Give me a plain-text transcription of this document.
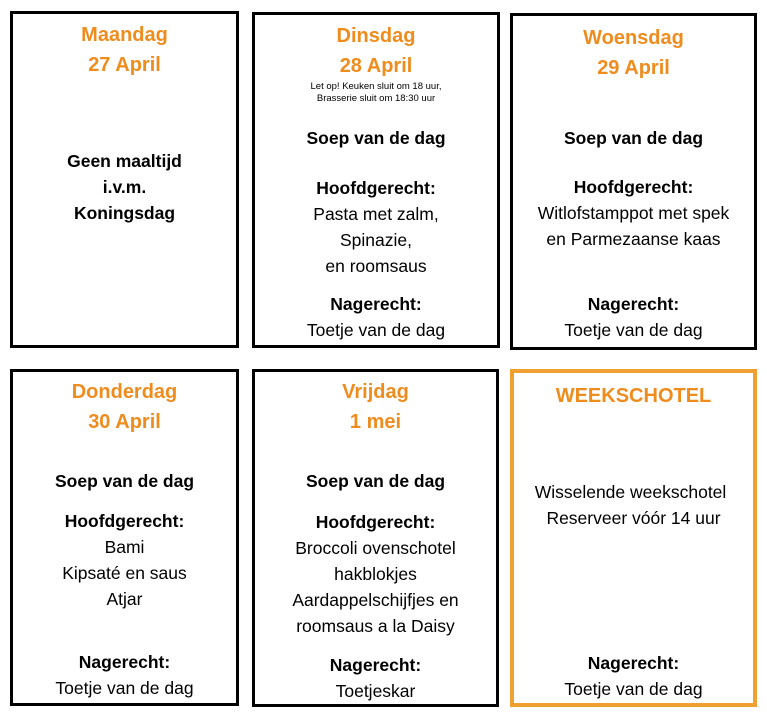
Maandag
27 April
Geen maaltijd
i.v.m.
Koningsdag
Dinsdag
28 April
Let op! Keuken sluit om 18 uur,
Brasserie sluit om 18:30 uur
Soep van de dag
Hoofdgerecht:
Pasta met zalm,
Spinazie,
en roomsaus
Nagerecht:
Toetje van de dag
Woensdag
29 April
Soep van de dag
Hoofdgerecht:
Witlofstamppot met spek
en Parmezaanse kaas
Nagerecht:
Toetje van de dag
Donderdag
30 April
Soep van de dag
Hoofdgerecht:
Bami
Kipsaté en saus
Atjar
Nagerecht:
Toetje van de dag
Vrijdag
1 mei
Soep van de dag
Hoofdgerecht:
Broccoli ovenschotel
hakblokjes
Aardappelschijfjes en
roomsaus a la Daisy
Nagerecht:
Toetjeskar
WEEKSCHOTEL
Wisselende weekschotel
Reserveer vóór 14 uur
Nagerecht:
Toetje van de dag
